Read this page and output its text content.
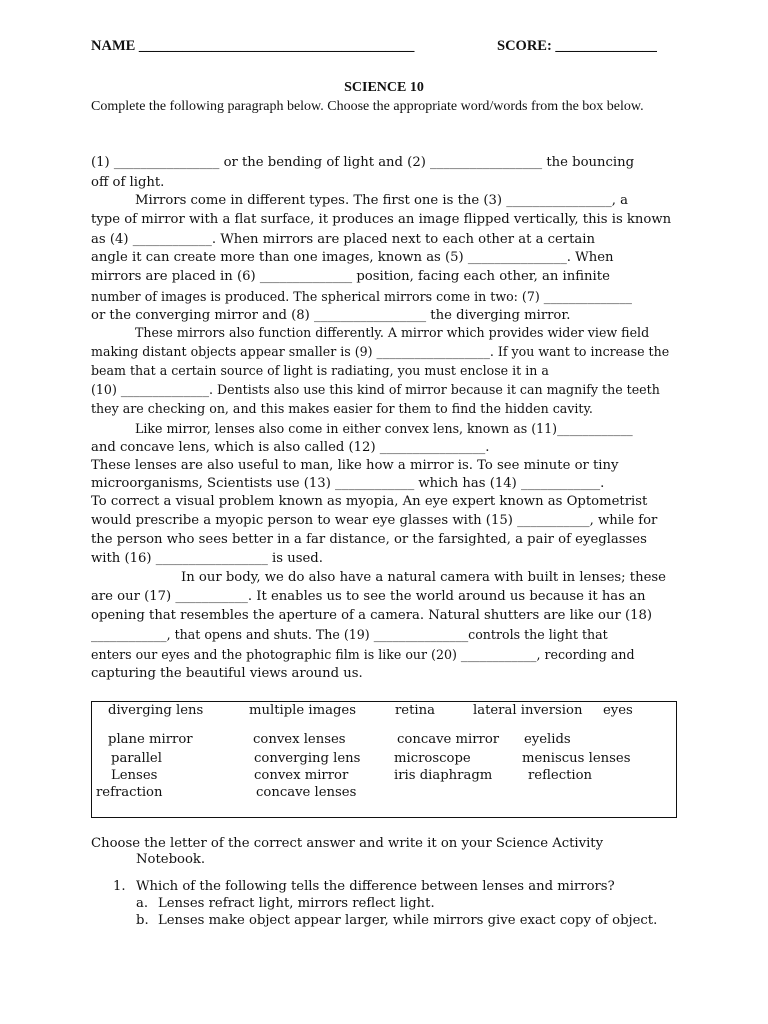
NAME ______________________________________	SCORE: ______________
SCIENCE 10
Complete the following paragraph below. Choose the appropriate word/words from the box below.
(1) ________________ or the bending of light and (2) _________________ the bouncing
off of light.
Mirrors come in different types. The first one is the (3) ________________, a
type of mirror with a flat surface, it produces an image flipped vertically, this is known
as (4) ____________. When mirrors are placed next to each other at a certain
angle it can create more than one images, known as (5) _______________. When
mirrors are placed in (6) ______________ position, facing each other, an infinite
number of images is produced. The spherical mirrors come in two: (7) ______________
or the converging mirror and (8) _________________ the diverging mirror.
These mirrors also function differently. A mirror which provides wider view field
making distant objects appear smaller is (9) __________________. If you want to increase the
beam that a certain source of light is radiating, you must enclose it in a
(10) ______________. Dentists also use this kind of mirror because it can magnify the teeth
they are checking on, and this makes easier for them to find the hidden cavity.
Like mirror, lenses also come in either convex lens, known as (11)____________
and concave lens, which is also called (12) ________________.
These lenses are also useful to man, like how a mirror is. To see minute or tiny
microorganisms, Scientists use (13) ____________ which has (14) ____________.
To correct a visual problem known as myopia, An eye expert known as Optometrist
would prescribe a myopic person to wear eye glasses with (15) ___________, while for
the person who sees better in a far distance, or the farsighted, a pair of eyeglasses
with (16) _________________ is used.
In our body, we do also have a natural camera with built in lenses; these
are our (17) ___________. It enables us to see the world around us because it has an
opening that resembles the aperture of a camera. Natural shutters are like our (18)
____________, that opens and shuts. The (19) _______________controls the light that
enters our eyes and the photographic film is like our (20) ____________, recording and
capturing the beautiful views around us.
diverging lens	multiple images	retina	lateral inversion eyes
plane mirror	convex lenses	concave mirror eyelids
parallel	converging lens	microscope	meniscus lenses
Lenses	convex mirror	iris diaphragm	reflection
refraction	concave lenses
Choose the letter of the correct answer and write it on your Science Activity
Notebook.
1. Which of the following tells the difference between lenses and mirrors?
a. Lenses refract light, mirrors reflect light.
b. Lenses make object appear larger, while mirrors give exact copy of object.
